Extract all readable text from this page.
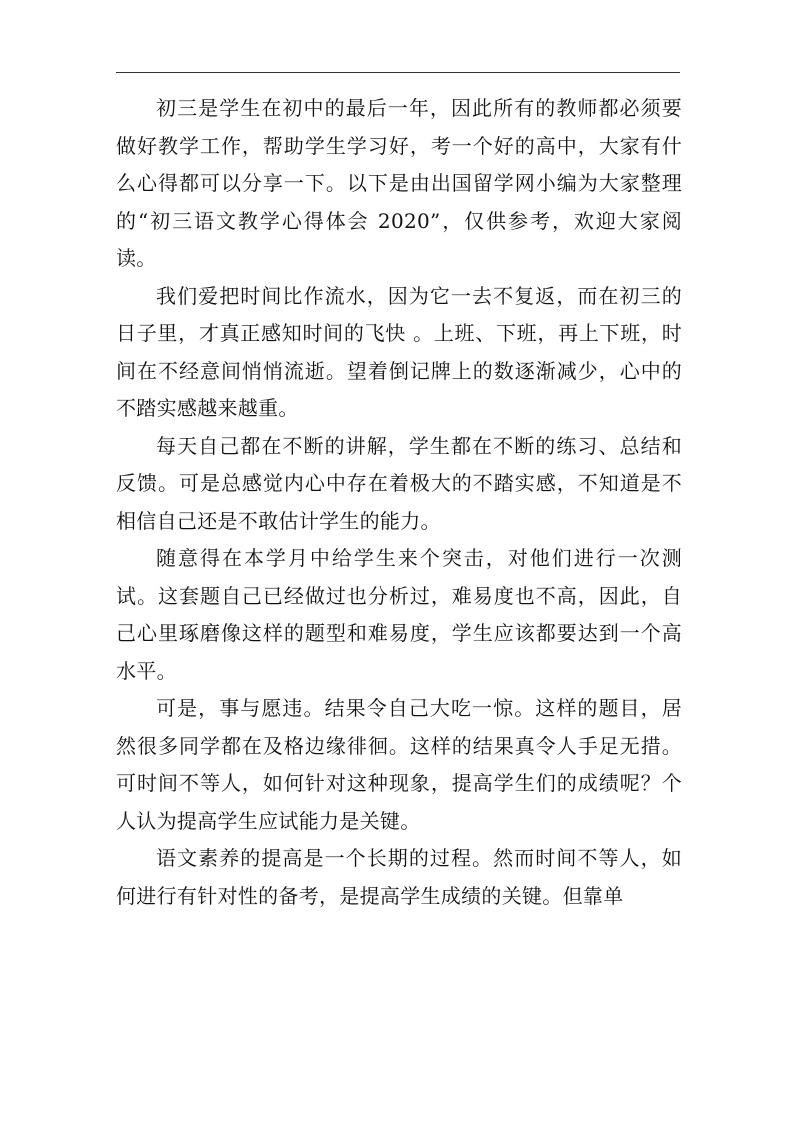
初三是学生在初中的最后一年，因此所有的教师都必须要做好教学工作，帮助学生学习好，考一个好的高中，大家有什么心得都可以分享一下。以下是由出国留学网小编为大家整理的“初三语文教学心得体会 2020”，仅供参考，欢迎大家阅读。

我们爱把时间比作流水，因为它一去不复返，而在初三的日子里，才真正感知时间的飞快 。上班、下班，再上下班，时间在不经意间悄悄流逝。望着倒记牌上的数逐渐减少，心中的不踏实感越来越重。

每天自己都在不断的讲解，学生都在不断的练习、总结和反馈。可是总感觉内心中存在着极大的不踏实感，不知道是不相信自己还是不敢估计学生的能力。

随意得在本学月中给学生来个突击，对他们进行一次测试。这套题自己已经做过也分析过，难易度也不高，因此，自己心里琢磨像这样的题型和难易度，学生应该都要达到一个高水平。

可是，事与愿违。结果令自己大吃一惊。这样的题目，居然很多同学都在及格边缘徘徊。这样的结果真令人手足无措。可时间不等人，如何针对这种现象，提高学生们的成绩呢？个人认为提高学生应试能力是关键。

语文素养的提高是一个长期的过程。然而时间不等人，如何进行有针对性的备考，是提高学生成绩的关键。但靠单
